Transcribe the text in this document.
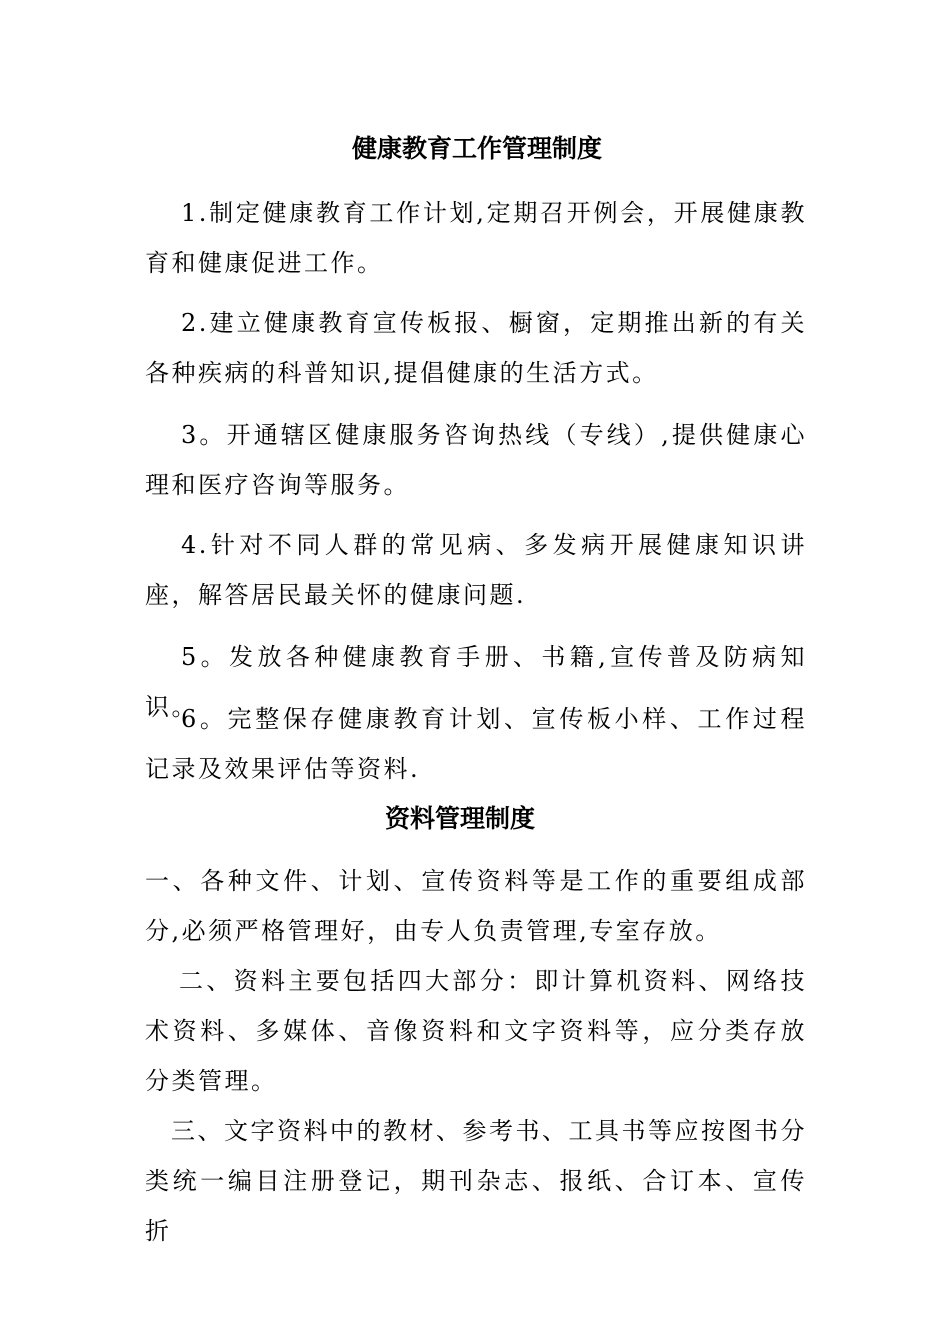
健康教育工作管理制度

1.制定健康教育工作计划,定期召开例会，开展健康教育和健康促进工作。

2.建立健康教育宣传板报、橱窗，定期推出新的有关各种疾病的科普知识,提倡健康的生活方式。

3。开通辖区健康服务咨询热线（专线）,提供健康心理和医疗咨询等服务。

4.针对不同人群的常见病、多发病开展健康知识讲座，解答居民最关怀的健康问题.

5。发放各种健康教育手册、书籍,宣传普及防病知识。

6。完整保存健康教育计划、宣传板小样、工作过程记录及效果评估等资料.

资料管理制度

一、各种文件、计划、宣传资料等是工作的重要组成部分,必须严格管理好，由专人负责管理,专室存放。

二、资料主要包括四大部分：即计算机资料、网络技术资料、多媒体、音像资料和文字资料等，应分类存放分类管理。

三、文字资料中的教材、参考书、工具书等应按图书分类统一编目注册登记，期刊杂志、报纸、合订本、宣传折
